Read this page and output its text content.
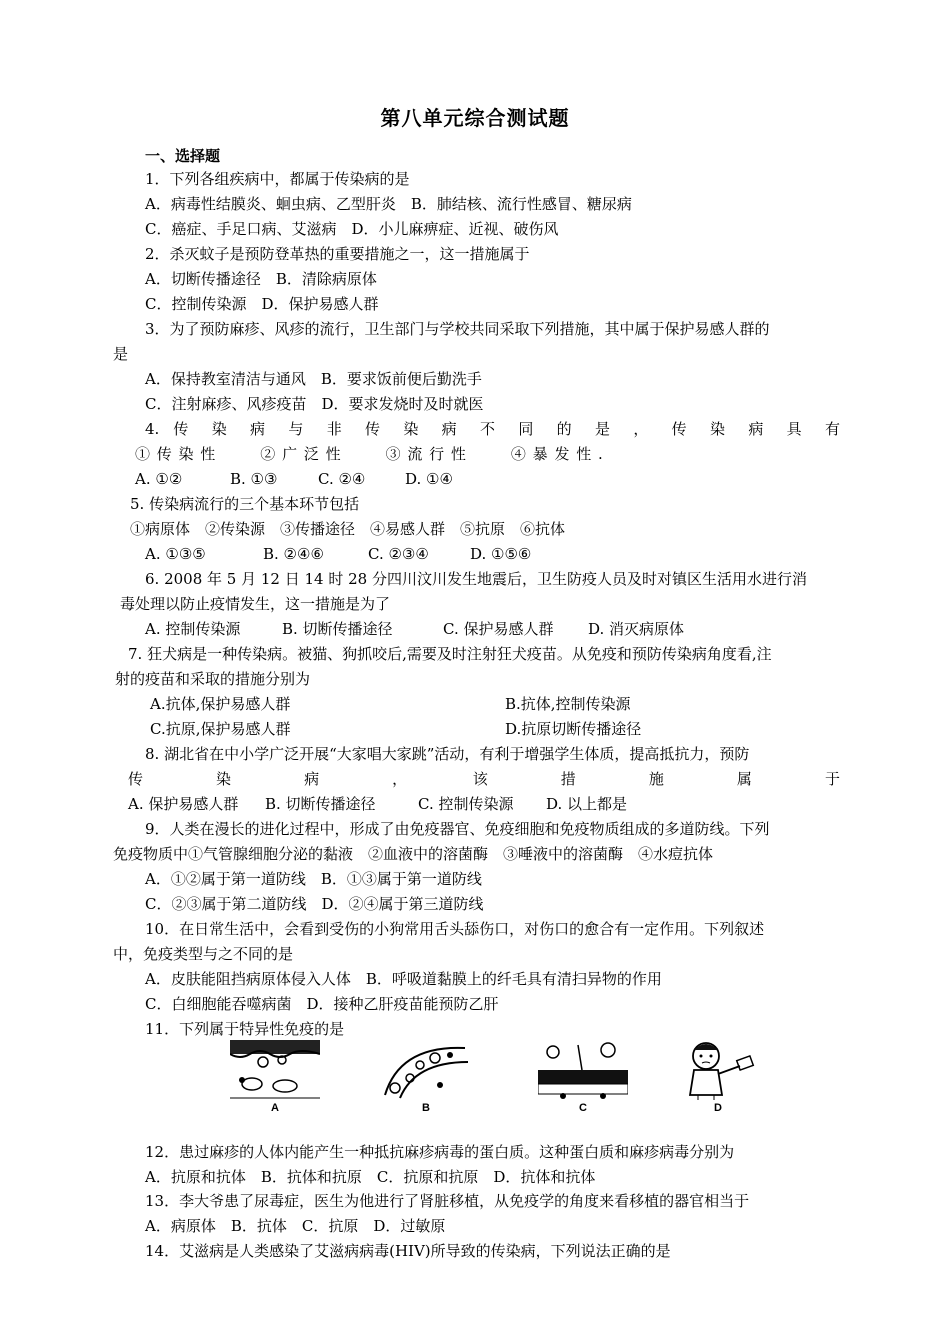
第八单元综合测试题
一、选择题
1．下列各组疾病中，都属于传染病的是
A．病毒性结膜炎、蛔虫病、乙型肝炎　B．肺结核、流行性感冒、糖尿病
C．癌症、手足口病、艾滋病　D．小儿麻痹症、近视、破伤风
2．杀灭蚊子是预防登革热的重要措施之一，这一措施属于
A．切断传播途径　B．清除病原体
C．控制传染源　D．保护易感人群
3．为了预防麻疹、风疹的流行，卫生部门与学校共同采取下列措施，其中属于保护易感人群的
是
A．保持教室清洁与通风　B．要求饭前便后勤洗手
C．注射麻疹、风疹疫苗　D．要求发烧时及时就医
4. 传 染 病 与 非 传 染 病 不 同 的 是 ， 传 染 病 具 有
① 传 染 性　　　② 广 泛 性　　　③ 流 行 性　　　④ 暴 发 性 .
A. ①②	B. ①③	C. ②④	D. ①④
5. 传染病流行的三个基本环节包括
①病原体　②传染源　③传播途径　④易感人群　⑤抗原　⑥抗体
A. ①③⑤	B. ②④⑥	C. ②③④	D. ①⑤⑥
6. 2008 年 5 月 12 日 14 时 28 分四川汶川发生地震后，卫生防疫人员及时对镇区生活用水进行消
毒处理以防止疫情发生，这一措施是为了
A. 控制传染源	B. 切断传播途径	C. 保护易感人群 D. 消灭病原体
7. 狂犬病是一种传染病。被猫、狗抓咬后,需要及时注射狂犬疫苗。从免疫和预防传染病角度看,注
射的疫苗和采取的措施分别为
A.抗体,保护易感人群	B.抗体,控制传染源
C.抗原,保护易感人群	D.抗原切断传播途径
8. 湖北省在中小学广泛开展“大家唱大家跳”活动，有利于增强学生体质，提高抵抗力，预防
传　染　病　，　该　措　施　属　于
A. 保护易感人群 B. 切断传播途径	C. 控制传染源 D. 以上都是
9．人类在漫长的进化过程中，形成了由免疫器官、免疫细胞和免疫物质组成的多道防线。下列
免疫物质中①气管腺细胞分泌的黏液　②血液中的溶菌酶　③唾液中的溶菌酶　④水痘抗体
A．①②属于第一道防线　B．①③属于第一道防线
C．②③属于第二道防线　D．②④属于第三道防线
10．在日常生活中，会看到受伤的小狗常用舌头舔伤口，对伤口的愈合有一定作用。下列叙述
中，免疫类型与之不同的是
A．皮肤能阻挡病原体侵入人体　B．呼吸道黏膜上的纤毛具有清扫异物的作用
C．白细胞能吞噬病菌　D．接种乙肝疫苗能预防乙肝
11．下列属于特异性免疫的是
A	B	C	D
12．患过麻疹的人体内能产生一种抵抗麻疹病毒的蛋白质。这种蛋白质和麻疹病毒分别为
A．抗原和抗体　B．抗体和抗原　C．抗原和抗原　D．抗体和抗体
13．李大爷患了尿毒症，医生为他进行了肾脏移植，从免疫学的角度来看移植的器官相当于
A．病原体　B．抗体　C．抗原　D．过敏原
14．艾滋病是人类感染了艾滋病病毒(HIV)所导致的传染病，下列说法正确的是
